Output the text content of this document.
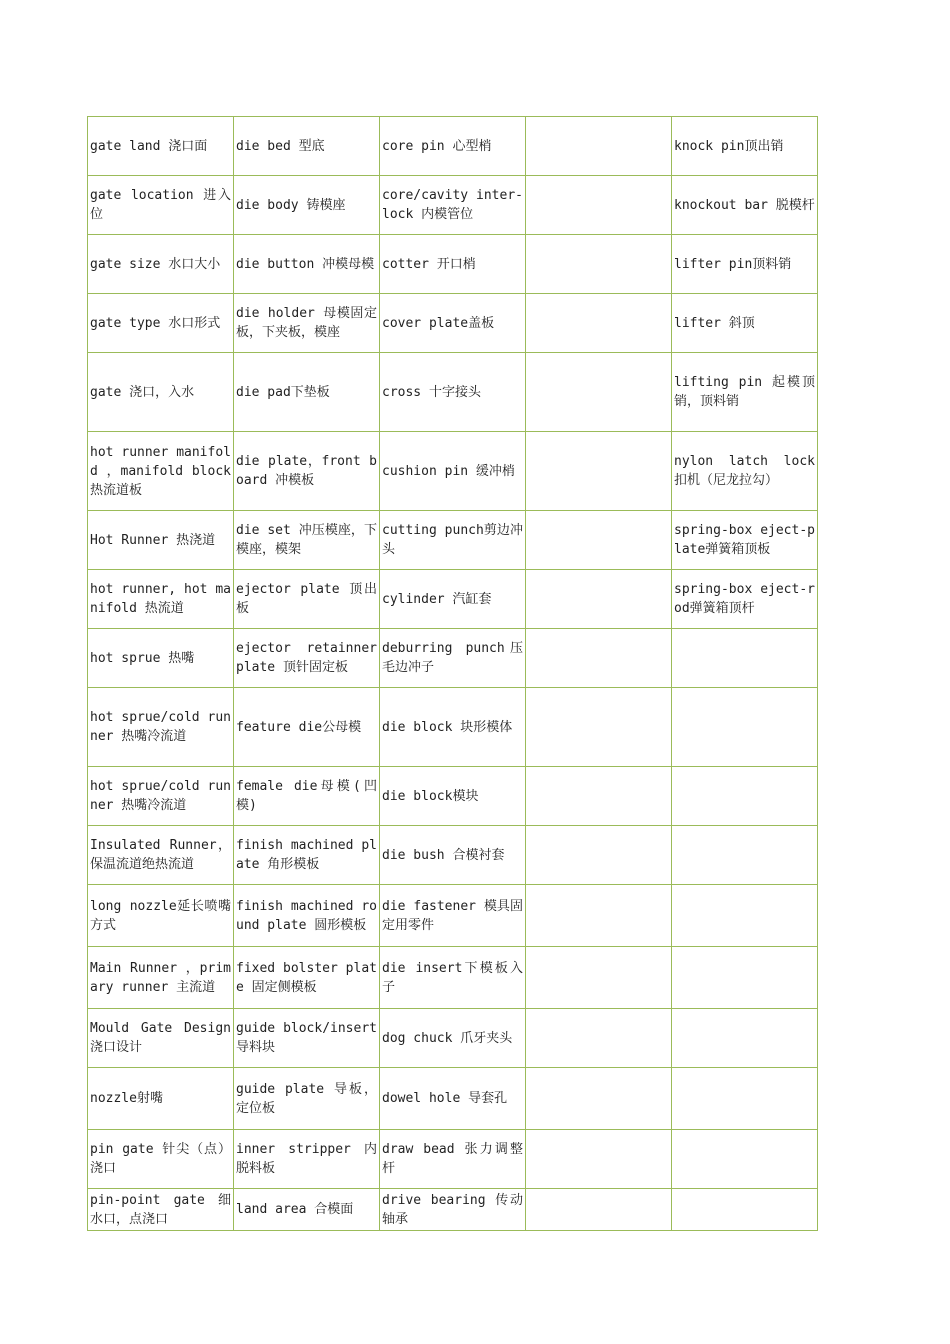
gate land 浇口面	die bed 型底	core pin 心型梢		knock pin顶出销
gate location 进入位	die body 铸模座	core/cavity inter-lock 内模管位		knockout bar 脱模杆
gate size 水口大小	die button 冲模母模	cotter 开口梢		lifter pin顶料销
gate type 水口形式	die holder 母模固定板，下夹板，模座	cover plate盖板		lifter 斜顶
gate 浇口，入水	die pad下垫板	cross 十字接头		lifting pin 起模顶销，顶料销
hot runner manifold ，manifold block 热流道板	die plate，front board 冲模板	cushion pin 缓冲梢		nylon latch lock 扣机（尼龙拉勾）
Hot Runner 热浇道	die set 冲压模座，下模座，模架	cutting punch剪边冲头		spring-box eject-plate弹簧箱顶板
hot runner, hot manifold 热流道	ejector plate 顶出板	cylinder 汽缸套		spring-box eject-rod弹簧箱顶杆
hot sprue 热嘴	ejector retainner plate 顶针固定板	deburring punch压毛边冲子		
hot sprue/cold runner 热嘴冷流道	feature die公母模	die block 块形模体		
hot sprue/cold runner 热嘴冷流道	female die母模(凹模)	die block模块		
Insulated Runner，保温流道绝热流道	finish machined plate 角形模板	die bush 合模衬套		
long nozzle延长喷嘴方式	finish machined round plate 圆形模板	die fastener 模具固定用零件		
Main Runner ，primary runner 主流道	fixed bolster plate 固定侧模板	die insert下模板入子		
Mould Gate Design浇口设计	guide block/insert 导料块	dog chuck 爪牙夹头		
nozzle射嘴	guide plate 导板，定位板	dowel hole 导套孔		
pin gate 针尖（点）浇口	inner stripper 内脱料板	draw bead 张力调整杆		
pin-point gate 细水口，点浇口	land area 合模面	drive bearing 传动轴承		
